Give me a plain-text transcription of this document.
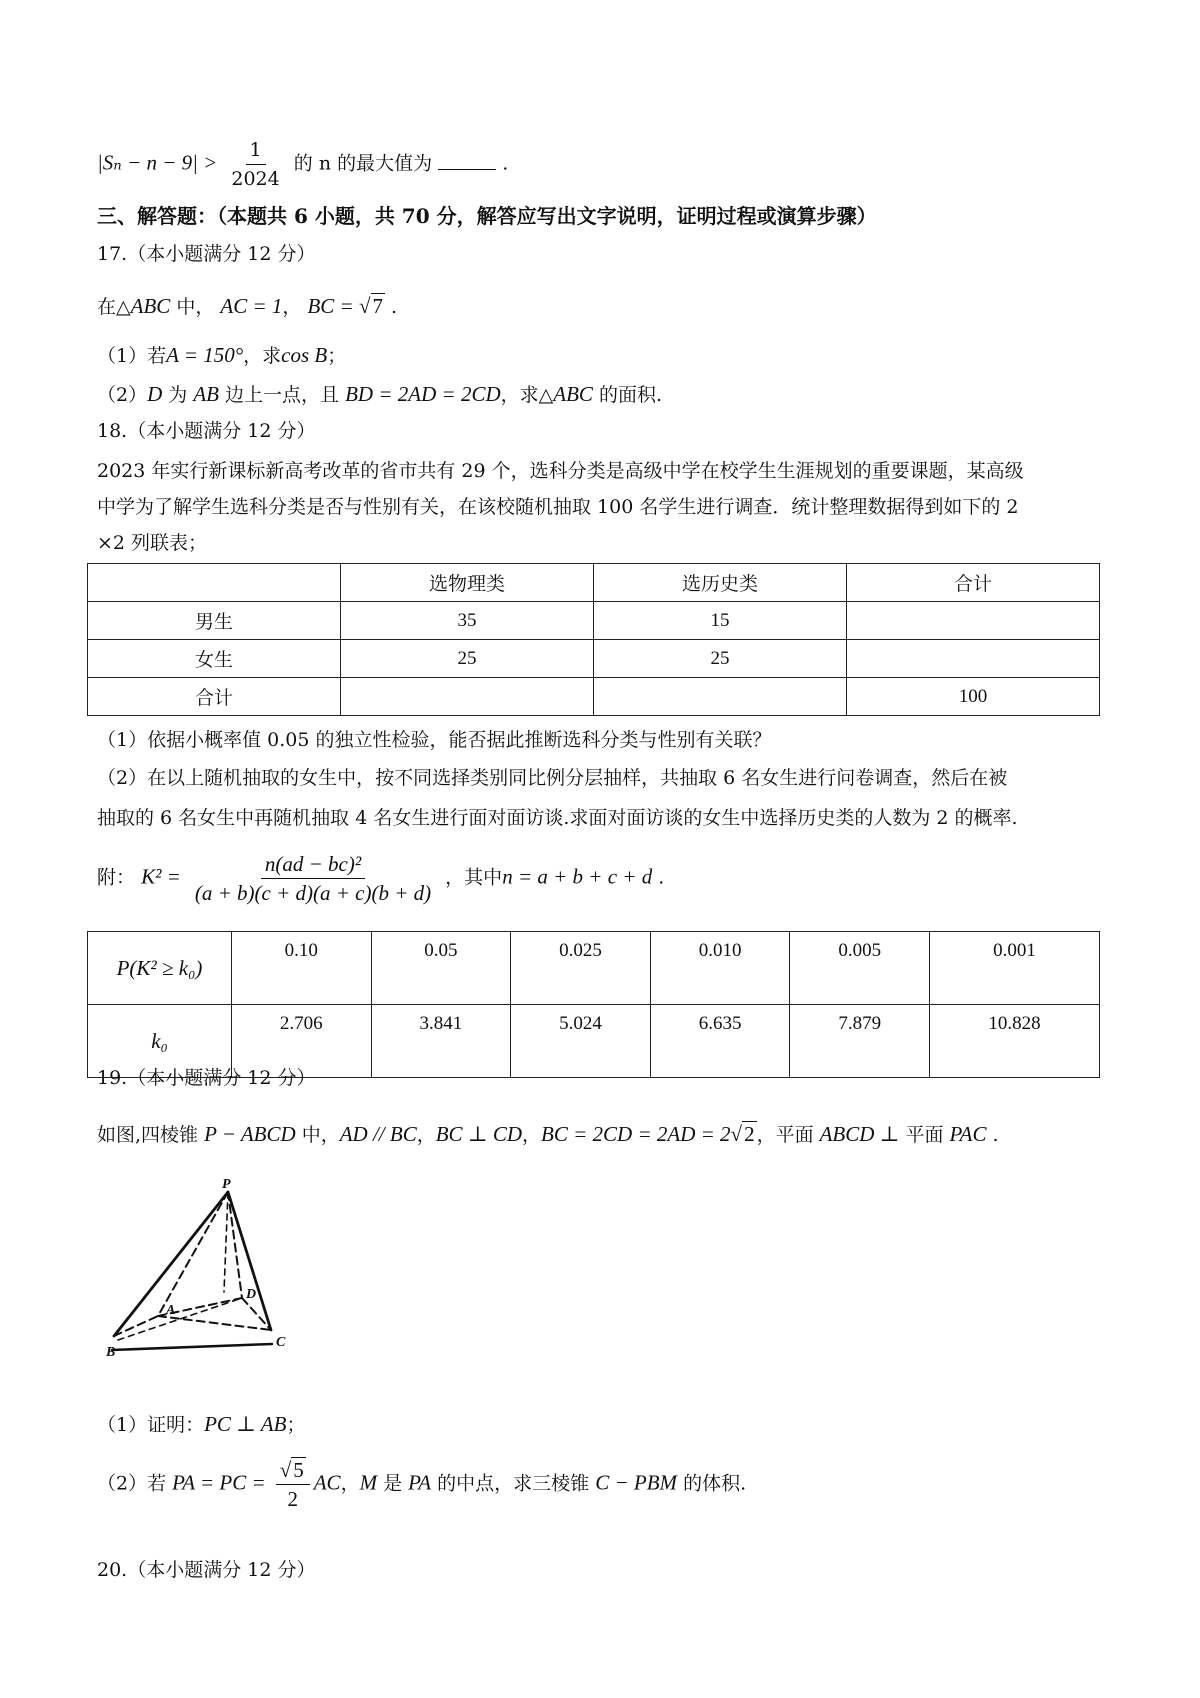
$|S_n - n - 9| > \frac{1}{2024}$ 的 n 的最大值为	.
三、解答题：（本题共 6 小题，共 70 分，解答应写出文字说明，证明过程或演算步骤）
17.（本小题满分 12 分）
在△ABC 中， AC = 1， BC = √7 .
（1）若A = 150°，求cos B；
（2）D 为 AB 边上一点，且 BD = 2AD = 2CD，求△ABC 的面积.
18.（本小题满分 12 分）
2023 年实行新课标新高考改革的省市共有 29 个，选科分类是高级中学在校学生生涯规划的重要课题，某高级
中学为了解学生选科分类是否与性别有关，在该校随机抽取 100 名学生进行调查．统计整理数据得到如下的 2
×2 列联表；
	选物理类	选历史类	合计
男生	35	15	
女生	25	25	
合计			100
（1）依据小概率值 0.05 的独立性检验，能否据此推断选科分类与性别有关联？
（2）在以上随机抽取的女生中，按不同选择类别同比例分层抽样，共抽取 6 名女生进行问卷调查，然后在被
抽取的 6 名女生中再随机抽取 4 名女生进行面对面访谈.求面对面访谈的女生中选择历史类的人数为 2 的概率.
附： $K^2 = \frac{\text{n(ad − bc)²}}{(a + b)(c + d)(a + c)(b + d)}$ ，其中n = a + b + c + d .
P(K² ≥ k₀)	0.10	0.05	0.025	0.010	0.005	0.001
k₀	2.706	3.841	5.024	6.635	7.879	10.828
19.（本小题满分 12 分）
如图,四棱锥 P − ABCD 中，AD // BC，BC ⊥ CD，BC = 2CD = 2AD = 2√2 ，平面 ABCD ⊥ 平面 PAC .
P
A
D
C
B
（1）证明：PC ⊥ AB；
（2）若 PA = PC = $\frac{√5}{2}$ AC，M 是 PA 的中点，求三棱锥 C − PBM 的体积.
20.（本小题满分 12 分）
